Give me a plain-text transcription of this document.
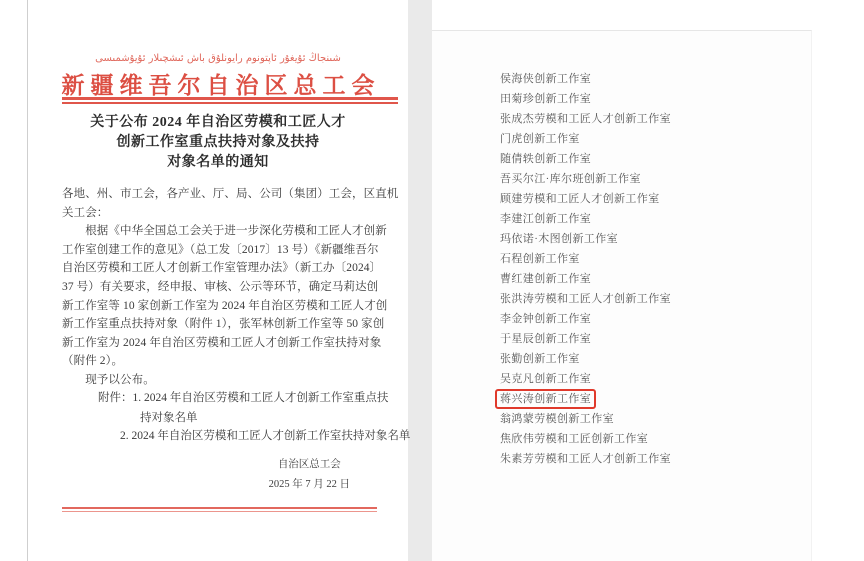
شىنجاڭ ئۇيغۇر ئاپتونوم رايونلۇق باش ئىشچىلار ئۇيۇشمىسى
新疆维吾尔自治区总工会
关于公布 2024 年自治区劳模和工匠人才
创新工作室重点扶持对象及扶持
对象名单的通知
各地、州、市工会，各产业、厅、局、公司（集团）工会，区直机
关工会：
　　根据《中华全国总工会关于进一步深化劳模和工匠人才创新
工作室创建工作的意见》（总工发〔2017〕13 号）《新疆维吾尔
自治区劳模和工匠人才创新工作室管理办法》（新工办〔2024〕
37 号）有关要求，经申报、审核、公示等环节，确定马莉达创
新工作室等 10 家创新工作室为 2024 年自治区劳模和工匠人才创
新工作室重点扶持对象（附件 1），张军林创新工作室等 50 家创
新工作室为 2024 年自治区劳模和工匠人才创新工作室扶持对象
（附件 2）。
　　现予以公布。
附件：1. 2024 年自治区劳模和工匠人才创新工作室重点扶
持对象名单
2. 2024 年自治区劳模和工匠人才创新工作室扶持对象名单
自治区总工会
2025 年 7 月 22 日
侯海侠创新工作室
田菊珍创新工作室
张成杰劳模和工匠人才创新工作室
门虎创新工作室
随倩轶创新工作室
吾买尔江·库尔班创新工作室
顾建劳模和工匠人才创新工作室
李建江创新工作室
玛依诺·木图创新工作室
石程创新工作室
曹红建创新工作室
张洪涛劳模和工匠人才创新工作室
李金钟创新工作室
于星辰创新工作室
张勤创新工作室
吴克凡创新工作室
蒋兴涛创新工作室
翁鸿蒙劳模创新工作室
焦欣伟劳模和工匠创新工作室
朱素芳劳模和工匠人才创新工作室
